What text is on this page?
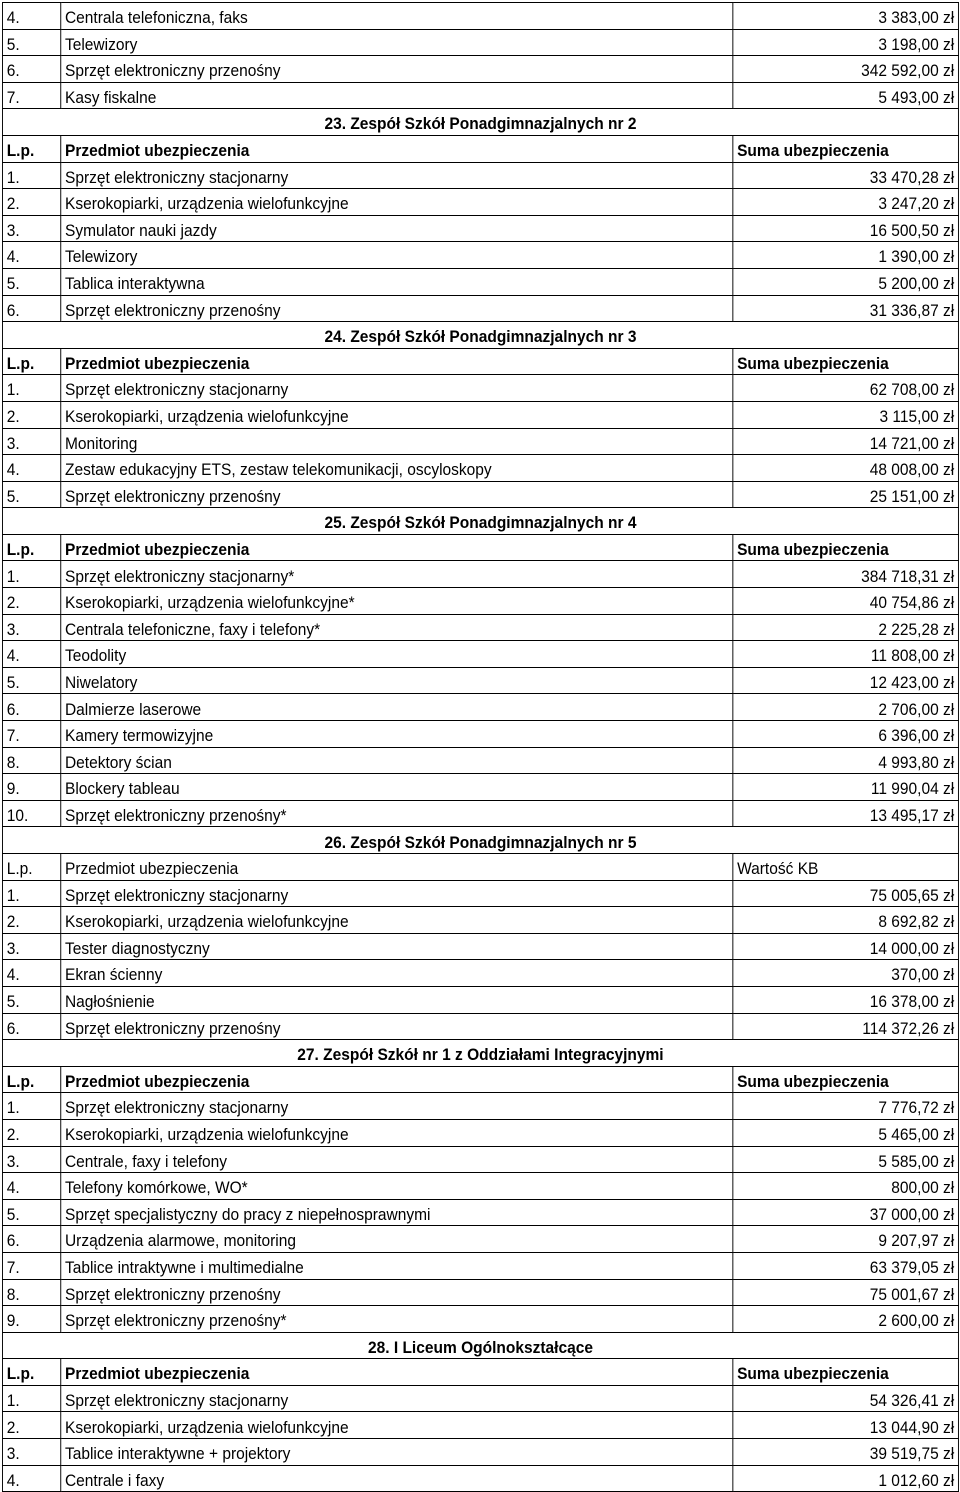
4.	Centrala telefoniczna, faks	3 383,00 zł
5.	Telewizory	3 198,00 zł
6.	Sprzęt elektroniczny przenośny	342 592,00 zł
7.	Kasy fiskalne	5 493,00 zł
23. Zespół Szkół Ponadgimnazjalnych nr 2		
L.p.	Przedmiot ubezpieczenia	Suma ubezpieczenia
1.	Sprzęt elektroniczny stacjonarny	33 470,28 zł
2.	Kserokopiarki, urządzenia wielofunkcyjne	3 247,20 zł
3.	Symulator nauki jazdy	16 500,50 zł
4.	Telewizory	1 390,00 zł
5.	Tablica interaktywna	5 200,00 zł
6.	Sprzęt elektroniczny przenośny	31 336,87 zł
24. Zespół Szkół Ponadgimnazjalnych nr 3		
L.p.	Przedmiot ubezpieczenia	Suma ubezpieczenia
1.	Sprzęt elektroniczny stacjonarny	62 708,00 zł
2.	Kserokopiarki, urządzenia wielofunkcyjne	3 115,00 zł
3.	Monitoring	14 721,00 zł
4.	Zestaw edukacyjny ETS, zestaw telekomunikacji, oscyloskopy	48 008,00 zł
5.	Sprzęt elektroniczny przenośny	25 151,00 zł
25. Zespół Szkół Ponadgimnazjalnych nr 4		
L.p.	Przedmiot ubezpieczenia	Suma ubezpieczenia
1.	Sprzęt elektroniczny stacjonarny*	384 718,31 zł
2.	Kserokopiarki, urządzenia wielofunkcyjne*	40 754,86 zł
3.	Centrala telefoniczne, faxy i telefony*	2 225,28 zł
4.	Teodolity	11 808,00 zł
5.	Niwelatory	12 423,00 zł
6.	Dalmierze laserowe	2 706,00 zł
7.	Kamery termowizyjne	6 396,00 zł
8.	Detektory ścian	4 993,80 zł
9.	Blockery tableau	11 990,04 zł
10.	Sprzęt elektroniczny przenośny*	13 495,17 zł
26. Zespół Szkół Ponadgimnazjalnych nr 5		
L.p.	Przedmiot ubezpieczenia	Wartość KB
1.	Sprzęt elektroniczny stacjonarny	75 005,65 zł
2.	Kserokopiarki, urządzenia wielofunkcyjne	8 692,82 zł
3.	Tester diagnostyczny	14 000,00 zł
4.	Ekran ścienny	370,00 zł
5.	Nagłośnienie	16 378,00 zł
6.	Sprzęt elektroniczny przenośny	114 372,26 zł
27. Zespół Szkół nr 1 z Oddziałami Integracyjnymi		
L.p.	Przedmiot ubezpieczenia	Suma ubezpieczenia
1.	Sprzęt elektroniczny stacjonarny	7 776,72 zł
2.	Kserokopiarki, urządzenia wielofunkcyjne	5 465,00 zł
3.	Centrale, faxy i telefony	5 585,00 zł
4.	Telefony komórkowe, WO*	800,00 zł
5.	Sprzęt specjalistyczny do pracy z niepełnosprawnymi	37 000,00 zł
6.	Urządzenia alarmowe, monitoring	9 207,97 zł
7.	Tablice intraktywne i multimedialne	63 379,05 zł
8.	Sprzęt elektroniczny przenośny	75 001,67 zł
9.	Sprzęt elektroniczny przenośny*	2 600,00 zł
28. I Liceum Ogólnokształcące		
L.p.	Przedmiot ubezpieczenia	Suma ubezpieczenia
1.	Sprzęt elektroniczny stacjonarny	54 326,41 zł
2.	Kserokopiarki, urządzenia wielofunkcyjne	13 044,90 zł
3.	Tablice interaktywne + projektory	39 519,75 zł
4.	Centrale i faxy	1 012,60 zł
